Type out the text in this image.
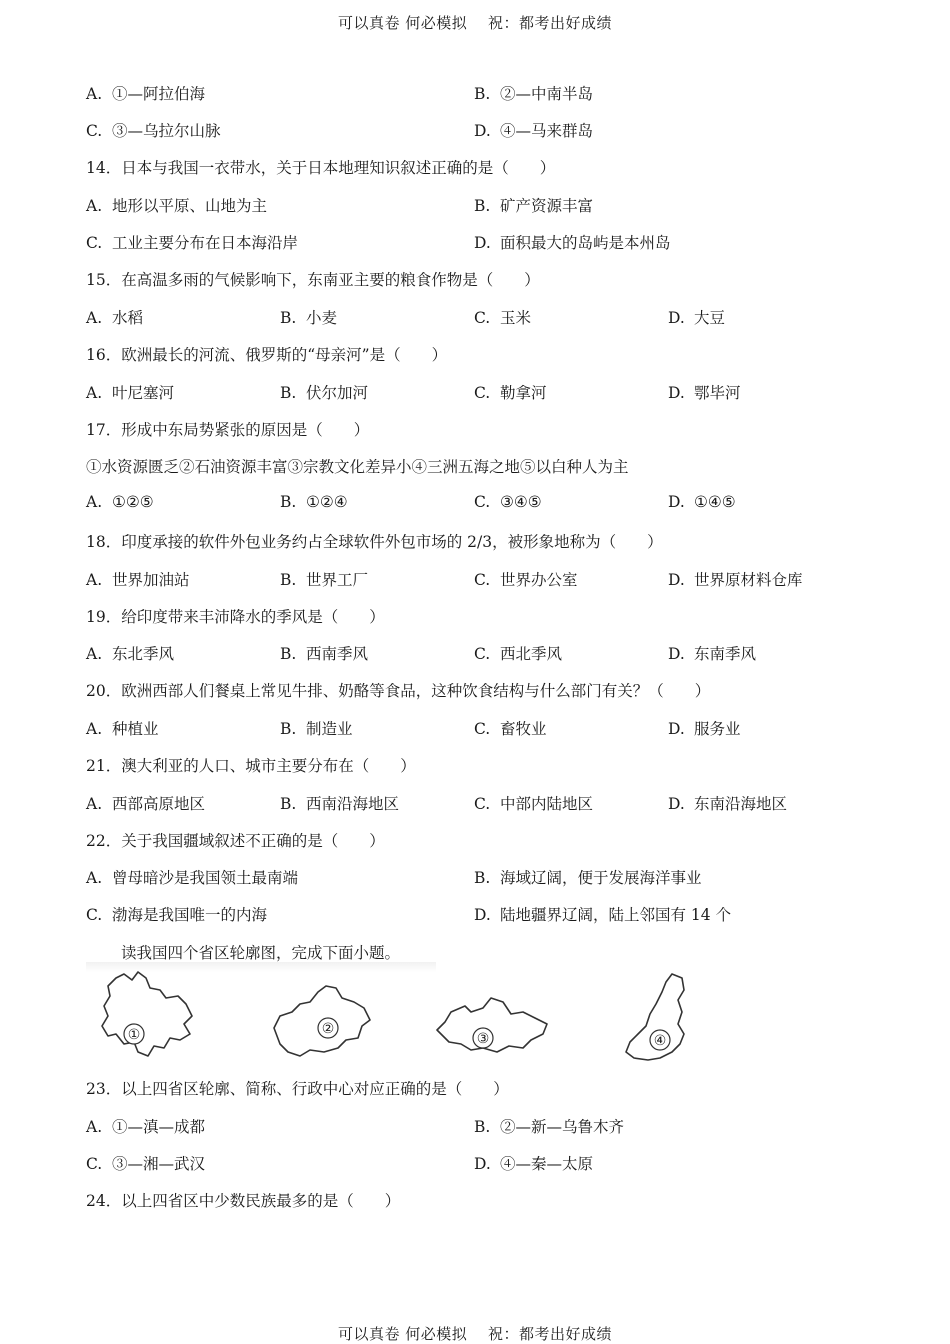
可以真卷 何必模拟　 祝：都考出好成绩
A. ①—阿拉伯海	B. ②—中南半岛
C. ③—乌拉尔山脉	D. ④—马来群岛
14．日本与我国一衣带水，关于日本地理知识叙述正确的是（　　）
A. 地形以平原、山地为主	B. 矿产资源丰富
C. 工业主要分布在日本海沿岸	D. 面积最大的岛屿是本州岛
15．在高温多雨的气候影响下，东南亚主要的粮食作物是（　　）
A. 水稻	B. 小麦	C. 玉米	D. 大豆
16．欧洲最长的河流、俄罗斯的“母亲河”是（　　）
A. 叶尼塞河	B. 伏尔加河	C. 勒拿河	D. 鄂毕河
17．形成中东局势紧张的原因是（　　）
①水资源匮乏②石油资源丰富③宗教文化差异小④三洲五海之地⑤以白种人为主
A. ①②⑤	B. ①②④	C. ③④⑤	D. ①④⑤
18．印度承接的软件外包业务约占全球软件外包市场的 2/3，被形象地称为（　　）
A. 世界加油站	B. 世界工厂	C. 世界办公室	D. 世界原材料仓库
19．给印度带来丰沛降水的季风是（　　）
A. 东北季风	B. 西南季风	C. 西北季风	D. 东南季风
20．欧洲西部人们餐桌上常见牛排、奶酪等食品，这种饮食结构与什么部门有关？（　　）
A. 种植业	B. 制造业	C. 畜牧业	D. 服务业
21．澳大利亚的人口、城市主要分布在（　　）
A. 西部高原地区	B. 西南沿海地区	C. 中部内陆地区	D. 东南沿海地区
22．关于我国疆域叙述不正确的是（　　）
A. 曾母暗沙是我国领土最南端	B. 海域辽阔，便于发展海洋事业
C. 渤海是我国唯一的内海	D. 陆地疆界辽阔，陆上邻国有 14 个
读我国四个省区轮廓图，完成下面小题。
①	②
③	④
23．以上四省区轮廓、简称、行政中心对应正确的是（　　）
A. ①—滇—成都	B. ②—新—乌鲁木齐
C. ③—湘—武汉	D. ④—秦—太原
24．以上四省区中少数民族最多的是（　　）
可以真卷 何必模拟　 祝：都考出好成绩
